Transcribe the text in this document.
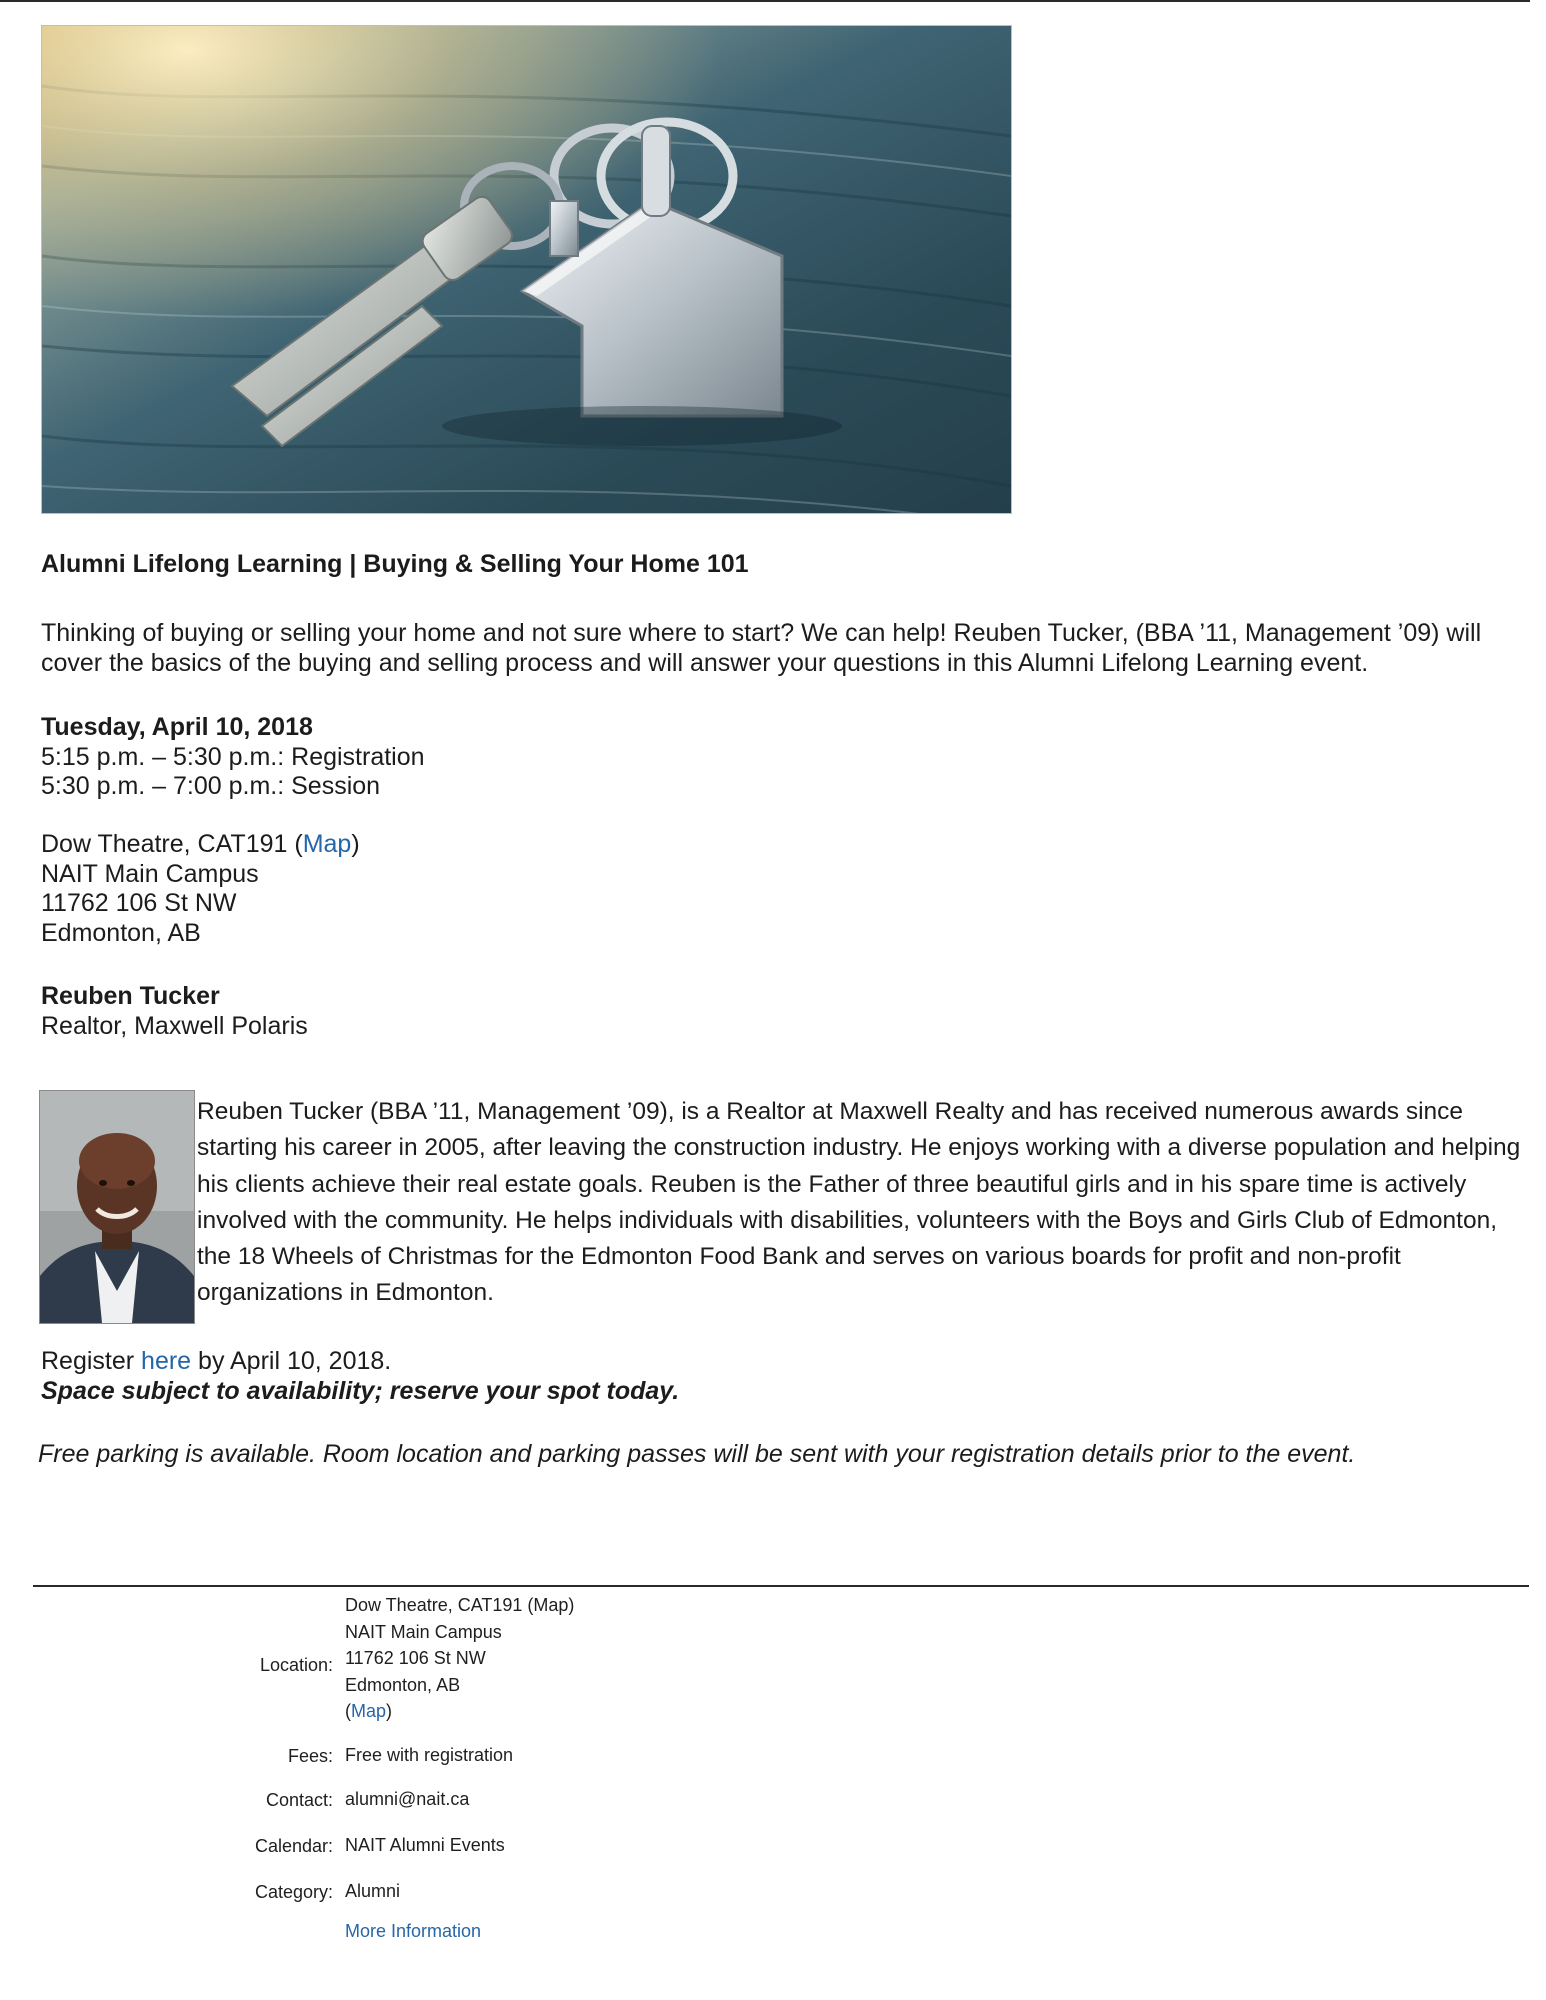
Alumni Lifelong Learning | Buying & Selling Your Home 101
Thinking of buying or selling your home and not sure where to start? We can help! Reuben Tucker, (BBA ’11, Management ’09) will cover the basics of the buying and selling process and will answer your questions in this Alumni Lifelong Learning event.
Tuesday, April 10, 2018
5:15 p.m. – 5:30 p.m.: Registration
5:30 p.m. – 7:00 p.m.: Session
Dow Theatre, CAT191 (Map)
NAIT Main Campus
11762 106 St NW
Edmonton, AB
Reuben Tucker
Realtor, Maxwell Polaris
Reuben Tucker (BBA ’11, Management ’09), is a Realtor at Maxwell Realty and has received numerous awards since starting his career in 2005, after leaving the construction industry. He enjoys working with a diverse population and helping his clients achieve their real estate goals. Reuben is the Father of three beautiful girls and in his spare time is actively involved with the community. He helps individuals with disabilities, volunteers with the Boys and Girls Club of Edmonton, the 18 Wheels of Christmas for the Edmonton Food Bank and serves on various boards for profit and non-profit organizations in Edmonton.
Register here by April 10, 2018.
Space subject to availability; reserve your spot today.
Free parking is available. Room location and parking passes will be sent with your registration details prior to the event.
Location:
Dow Theatre, CAT191 (Map)
NAIT Main Campus
11762 106 St NW
Edmonton, AB
(Map)
Fees: Free with registration
Contact: alumni@nait.ca
Calendar: NAIT Alumni Events
Category: Alumni
More Information
